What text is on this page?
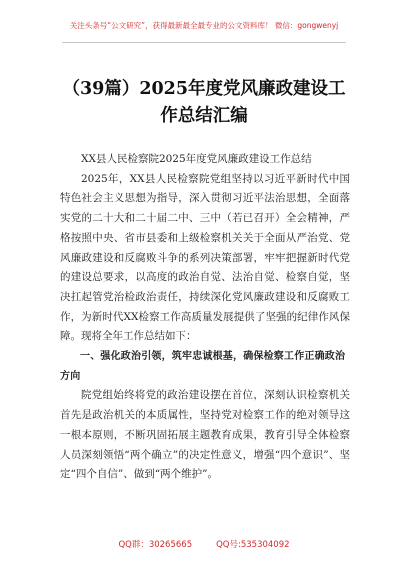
关注头条号“公文研究”，获得最新最全最专业的公文资料库！ 微信：gongwenyj
（39篇）2025年度党风廉政建设工作总结汇编

XX县人民检察院2025年度党风廉政建设工作总结

2025年，XX县人民检察院党组坚持以习近平新时代中国特色社会主义思想为指导，深入贯彻习近平法治思想，全面落实党的二十大和二十届二中、三中（若已召开）全会精神，严格按照中央、省市县委和上级检察机关关于全面从严治党、党风廉政建设和反腐败斗争的系列决策部署，牢牢把握新时代党的建设总要求，以高度的政治自觉、法治自觉、检察自觉，坚决扛起管党治检政治责任，持续深化党风廉政建设和反腐败工作，为新时代XX检察工作高质量发展提供了坚强的纪律作风保障。现将全年工作总结如下：

一、强化政治引领，筑牢忠诚根基，确保检察工作正确政治方向

院党组始终将党的政治建设摆在首位，深刻认识检察机关首先是政治机关的本质属性，坚持党对检察工作的绝对领导这一根本原则，不断巩固拓展主题教育成果，教育引导全体检察人员深刻领悟“两个确立”的决定性意义，增强“四个意识”、坚定“四个自信”、做到“两个维护”。

QQ群：30265665	QQ号:535304092
